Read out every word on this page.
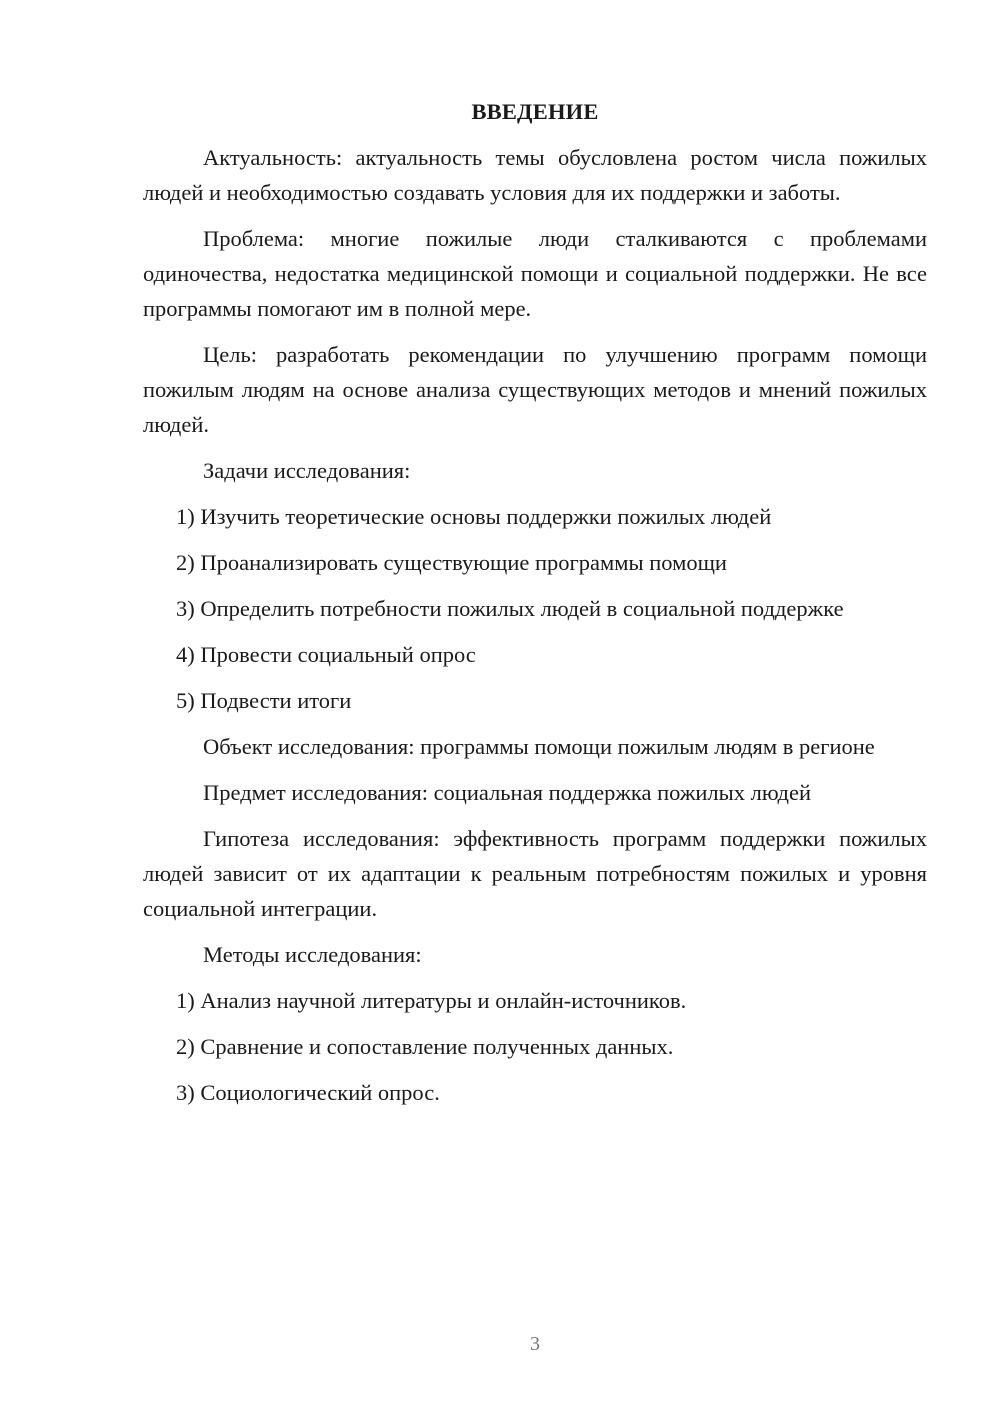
ВВЕДЕНИЕ

Актуальность: актуальность темы обусловлена ростом числа пожилых людей и необходимостью создавать условия для их поддержки и заботы.

Проблема: многие пожилые люди сталкиваются с проблемами одиночества, недостатка медицинской помощи и социальной поддержки. Не все программы помогают им в полной мере.

Цель: разработать рекомендации по улучшению программ помощи пожилым людям на основе анализа существующих методов и мнений пожилых людей.

Задачи исследования:

1) Изучить теоретические основы поддержки пожилых людей

2) Проанализировать существующие программы помощи

3) Определить потребности пожилых людей в социальной поддержке

4) Провести социальный опрос

5) Подвести итоги

Объект исследования: программы помощи пожилым людям в регионе

Предмет исследования: социальная поддержка пожилых людей

Гипотеза исследования: эффективность программ поддержки пожилых людей зависит от их адаптации к реальным потребностям пожилых и уровня социальной интеграции.

Методы исследования:

1) Анализ научной литературы и онлайн-источников.

2) Сравнение и сопоставление полученных данных.

3) Социологический опрос.

3
